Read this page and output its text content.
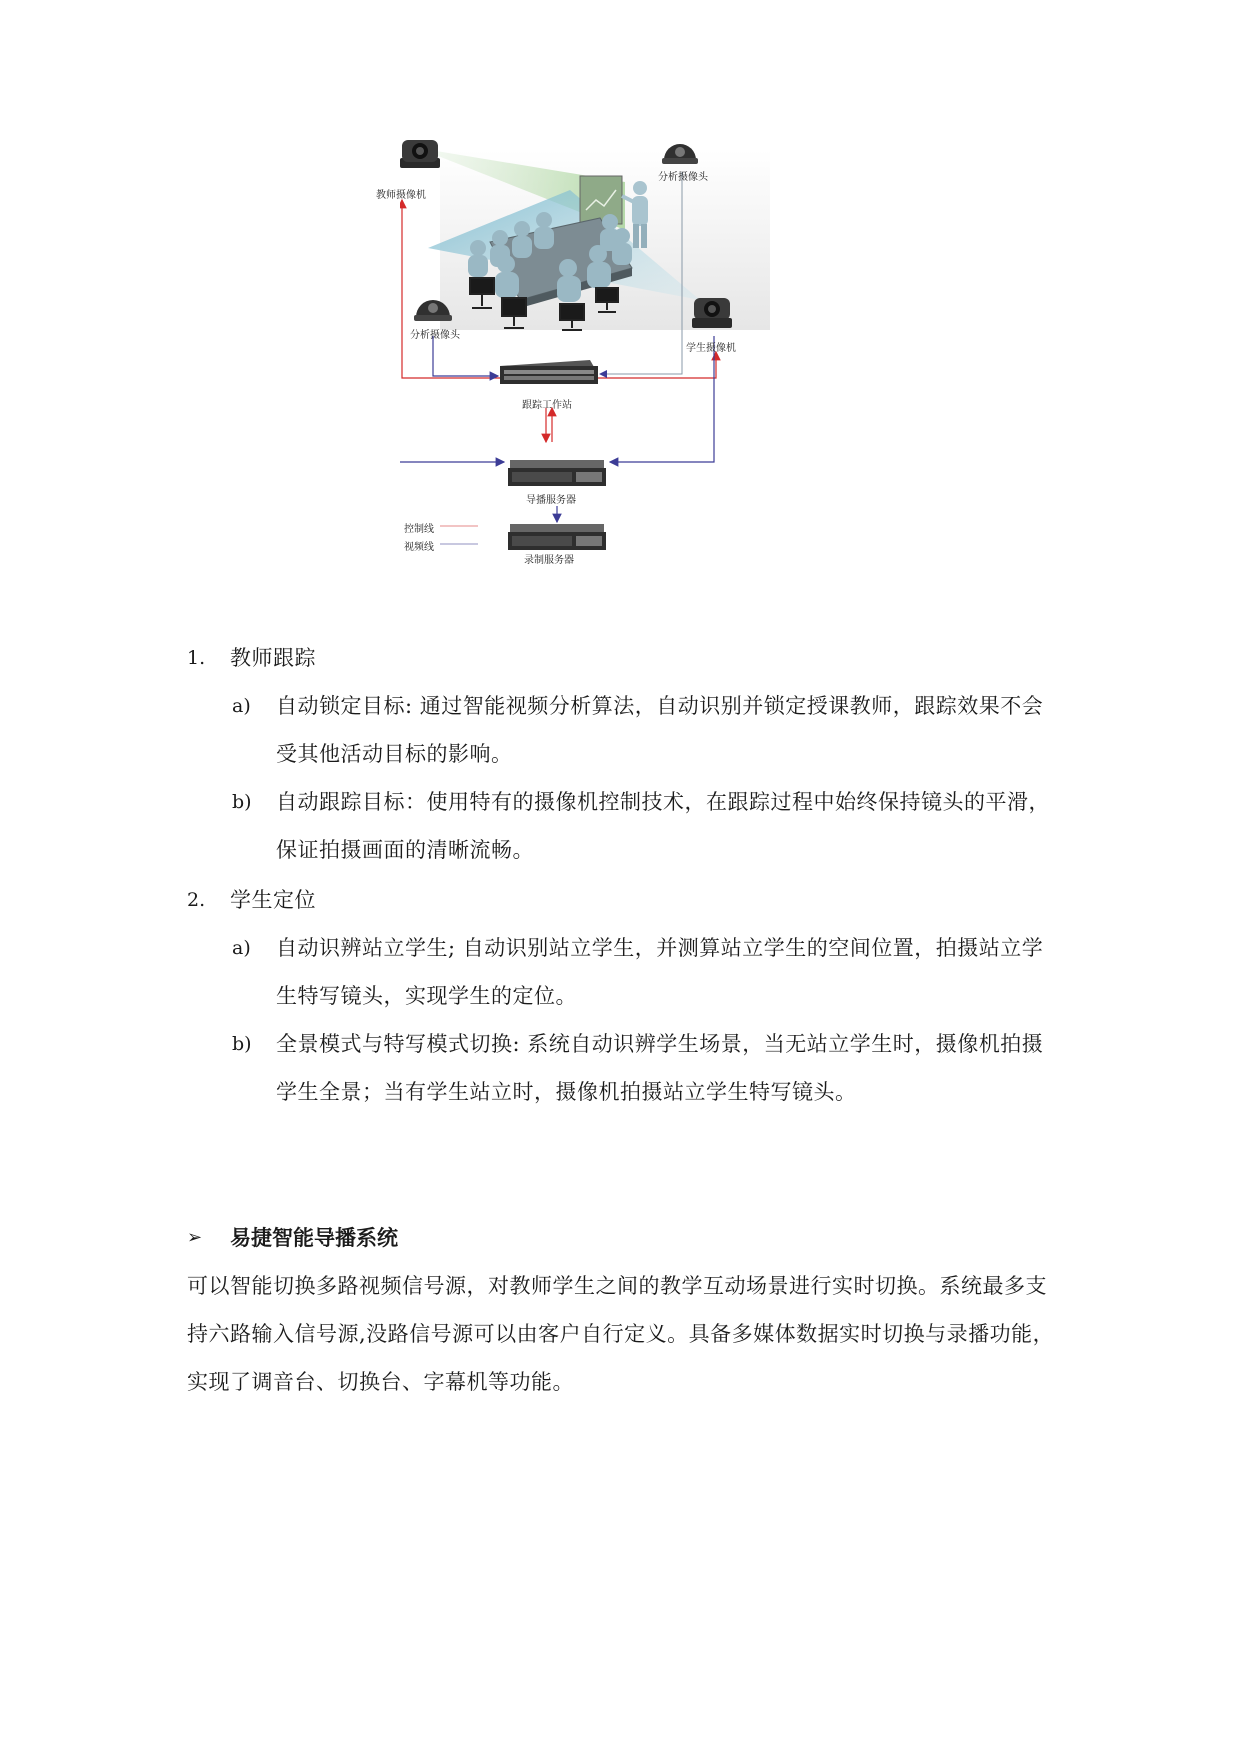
教师摄像机
分析摄像头
分析摄像头
学生摄像机
跟踪工作站
导播服务器
录制服务器
控制线
视频线
1. 教师跟踪
a) 自动锁定目标: 通过智能视频分析算法，自动识别并锁定授课教师，跟踪效果不会
受其他活动目标的影响。
b) 自动跟踪目标：使用特有的摄像机控制技术，在跟踪过程中始终保持镜头的平滑，
保证拍摄画面的清晰流畅。
2. 学生定位
a) 自动识辨站立学生; 自动识别站立学生，并测算站立学生的空间位置，拍摄站立学
生特写镜头，实现学生的定位。
b) 全景模式与特写模式切换: 系统自动识辨学生场景，当无站立学生时，摄像机拍摄
学生全景；当有学生站立时，摄像机拍摄站立学生特写镜头。
➢ 易捷智能导播系统
可以智能切换多路视频信号源，对教师学生之间的教学互动场景进行实时切换。系统最多支
持六路输入信号源,没路信号源可以由客户自行定义。具备多媒体数据实时切换与录播功能，
实现了调音台、切换台、字幕机等功能。
